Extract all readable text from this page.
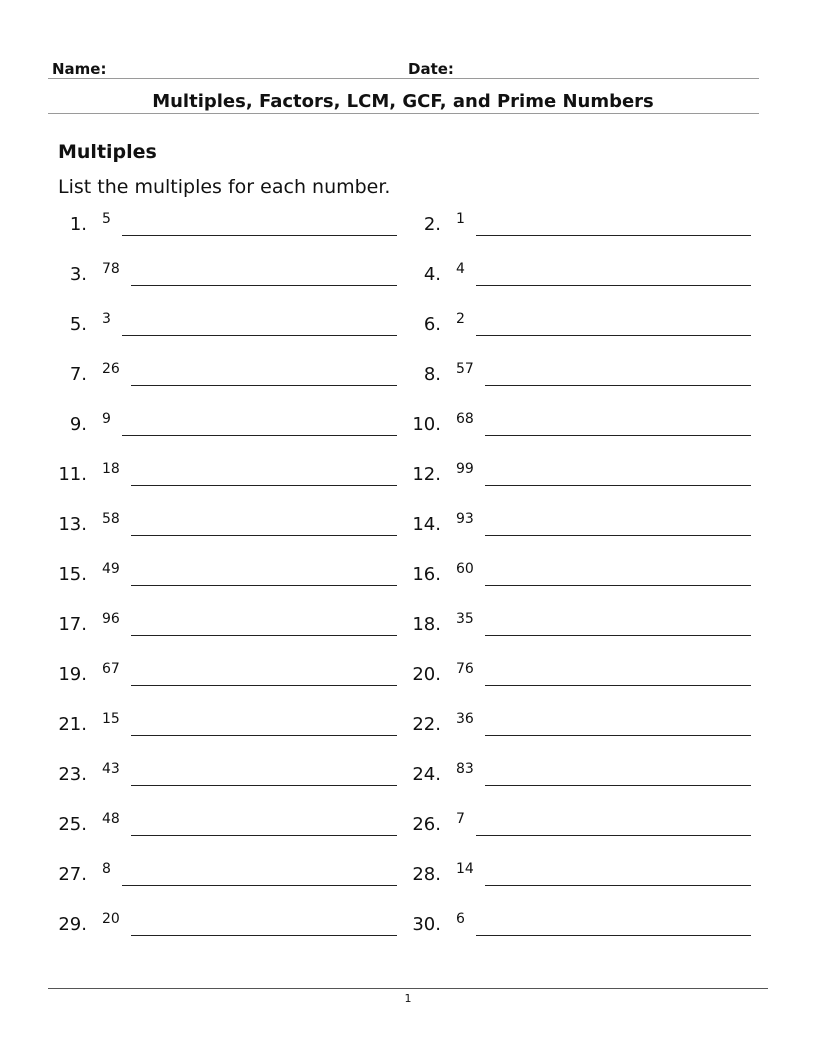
Name:	Date:
Multiples, Factors, LCM, GCF, and Prime Numbers
Multiples
List the multiples for each number.
1. 5	2. 1
3. 78	4. 4
5. 3	6. 2
7. 26	8. 57
9. 9	10. 68
11. 18	12. 99
13. 58	14. 93
15. 49	16. 60
17. 96	18. 35
19. 67	20. 76
21. 15	22. 36
23. 43	24. 83
25. 48	26. 7
27. 8	28. 14
29. 20	30. 6
1
